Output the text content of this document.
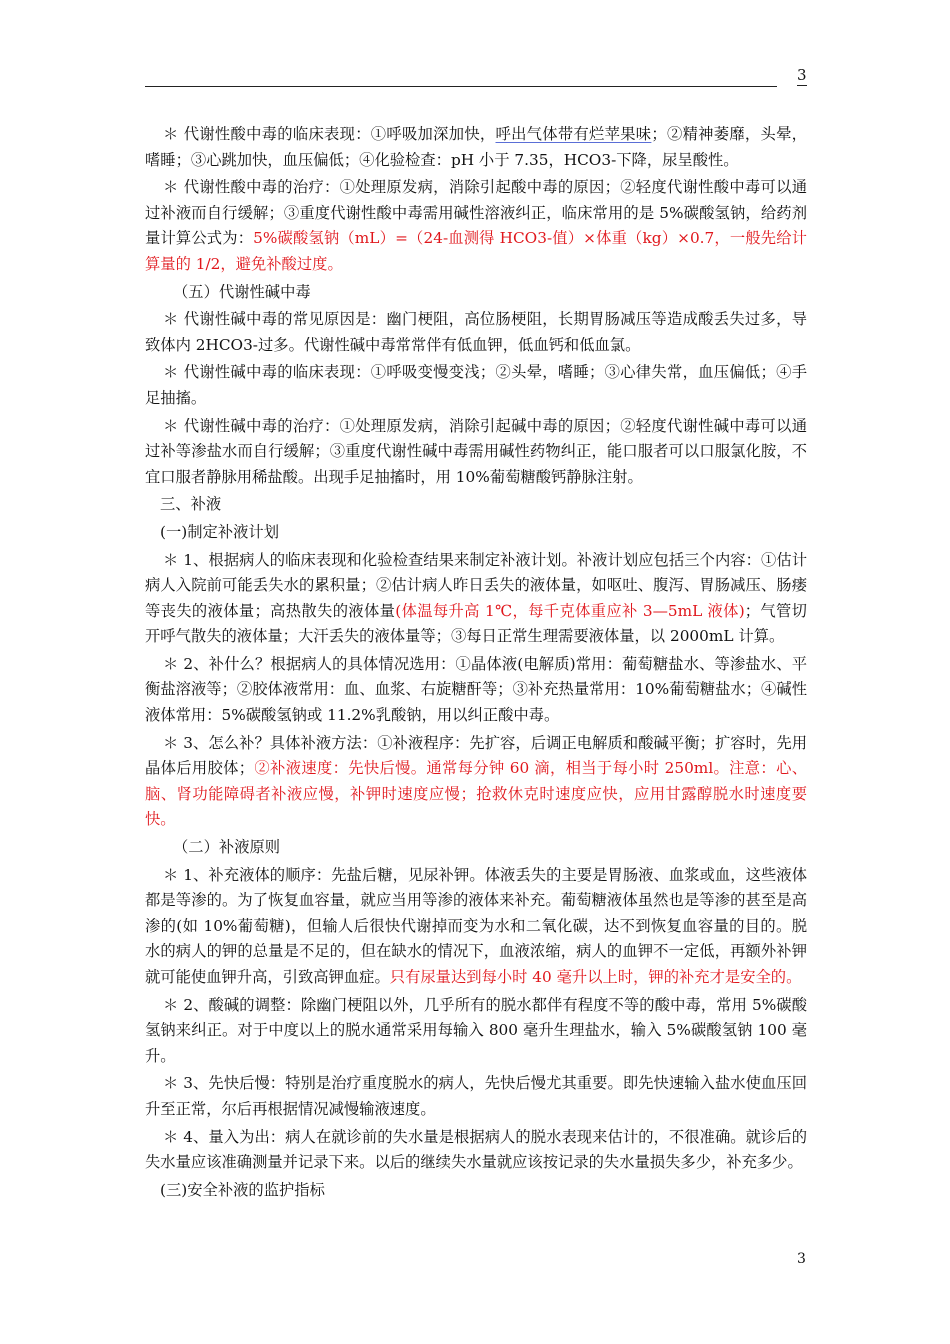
3

＊ 代谢性酸中毒的临床表现：①呼吸加深加快，呼出气体带有烂苹果味；②精神萎靡，头晕，嗜睡；③心跳加快，血压偏低；④化验检查：pH 小于 7.35，HCO3-下降，尿呈酸性。

＊ 代谢性酸中毒的治疗：①处理原发病，消除引起酸中毒的原因；②轻度代谢性酸中毒可以通过补液而自行缓解；③重度代谢性酸中毒需用碱性溶液纠正，临床常用的是 5%碳酸氢钠，给药剂量计算公式为：5%碳酸氢钠（mL）=（24-血测得 HCO3-值）×体重（kg）×0.7，一般先给计算量的 1/2，避免补酸过度。

（五）代谢性碱中毒

＊ 代谢性碱中毒的常见原因是：幽门梗阻，高位肠梗阻，长期胃肠减压等造成酸丢失过多，导致体内 2HCO3-过多。代谢性碱中毒常常伴有低血钾，低血钙和低血氯。

＊ 代谢性碱中毒的临床表现：①呼吸变慢变浅；②头晕，嗜睡；③心律失常，血压偏低；④手足抽搐。

＊ 代谢性碱中毒的治疗：①处理原发病，消除引起碱中毒的原因；②轻度代谢性碱中毒可以通过补等渗盐水而自行缓解；③重度代谢性碱中毒需用碱性药物纠正，能口服者可以口服氯化胺，不宜口服者静脉用稀盐酸。出现手足抽搐时，用 10%葡萄糖酸钙静脉注射。

三、补液

(一)制定补液计划

＊ 1、根据病人的临床表现和化验检查结果来制定补液计划。补液计划应包括三个内容：①估计病人入院前可能丢失水的累积量；②估计病人昨日丢失的液体量，如呕吐、腹泻、胃肠减压、肠瘘等丧失的液体量；高热散失的液体量(体温每升高 1℃，每千克体重应补 3—5mL 液体)；气管切开呼气散失的液体量；大汗丢失的液体量等；③每日正常生理需要液体量，以 2000mL 计算。

＊ 2、补什么？根据病人的具体情况选用：①晶体液(电解质)常用：葡萄糖盐水、等渗盐水、平衡盐溶液等；②胶体液常用：血、血浆、右旋糖酐等；③补充热量常用：10%葡萄糖盐水；④碱性液体常用：5%碳酸氢钠或 11.2%乳酸钠，用以纠正酸中毒。

＊ 3、怎么补？具体补液方法：①补液程序：先扩容，后调正电解质和酸碱平衡；扩容时，先用晶体后用胶体；②补液速度：先快后慢。通常每分钟 60 滴，相当于每小时 250ml。注意：心、脑、肾功能障碍者补液应慢，补钾时速度应慢；抢救休克时速度应快，应用甘露醇脱水时速度要快。

（二）补液原则

＊ 1、补充液体的顺序：先盐后糖，见尿补钾。体液丢失的主要是胃肠液、血浆或血，这些液体都是等渗的。为了恢复血容量，就应当用等渗的液体来补充。葡萄糖液体虽然也是等渗的甚至是高渗的(如 10%葡萄糖)，但输人后很快代谢掉而变为水和二氧化碳，达不到恢复血容量的目的。脱水的病人的钾的总量是不足的，但在缺水的情况下，血液浓缩，病人的血钾不一定低，再额外补钾就可能使血钾升高，引致高钾血症。只有尿量达到每小时 40 毫升以上时，钾的补充才是安全的。

＊ 2、酸碱的调整：除幽门梗阻以外，几乎所有的脱水都伴有程度不等的酸中毒，常用 5%碳酸氢钠来纠正。对于中度以上的脱水通常采用每输入 800 毫升生理盐水，输入 5%碳酸氢钠 100 毫升。

＊ 3、先快后慢：特别是治疗重度脱水的病人，先快后慢尤其重要。即先快速输入盐水使血压回升至正常，尔后再根据情况减慢输液速度。

＊ 4、量入为出：病人在就诊前的失水量是根据病人的脱水表现来估计的，不很准确。就诊后的失水量应该准确测量并记录下来。以后的继续失水量就应该按记录的失水量损失多少，补充多少。

(三)安全补液的监护指标

3
